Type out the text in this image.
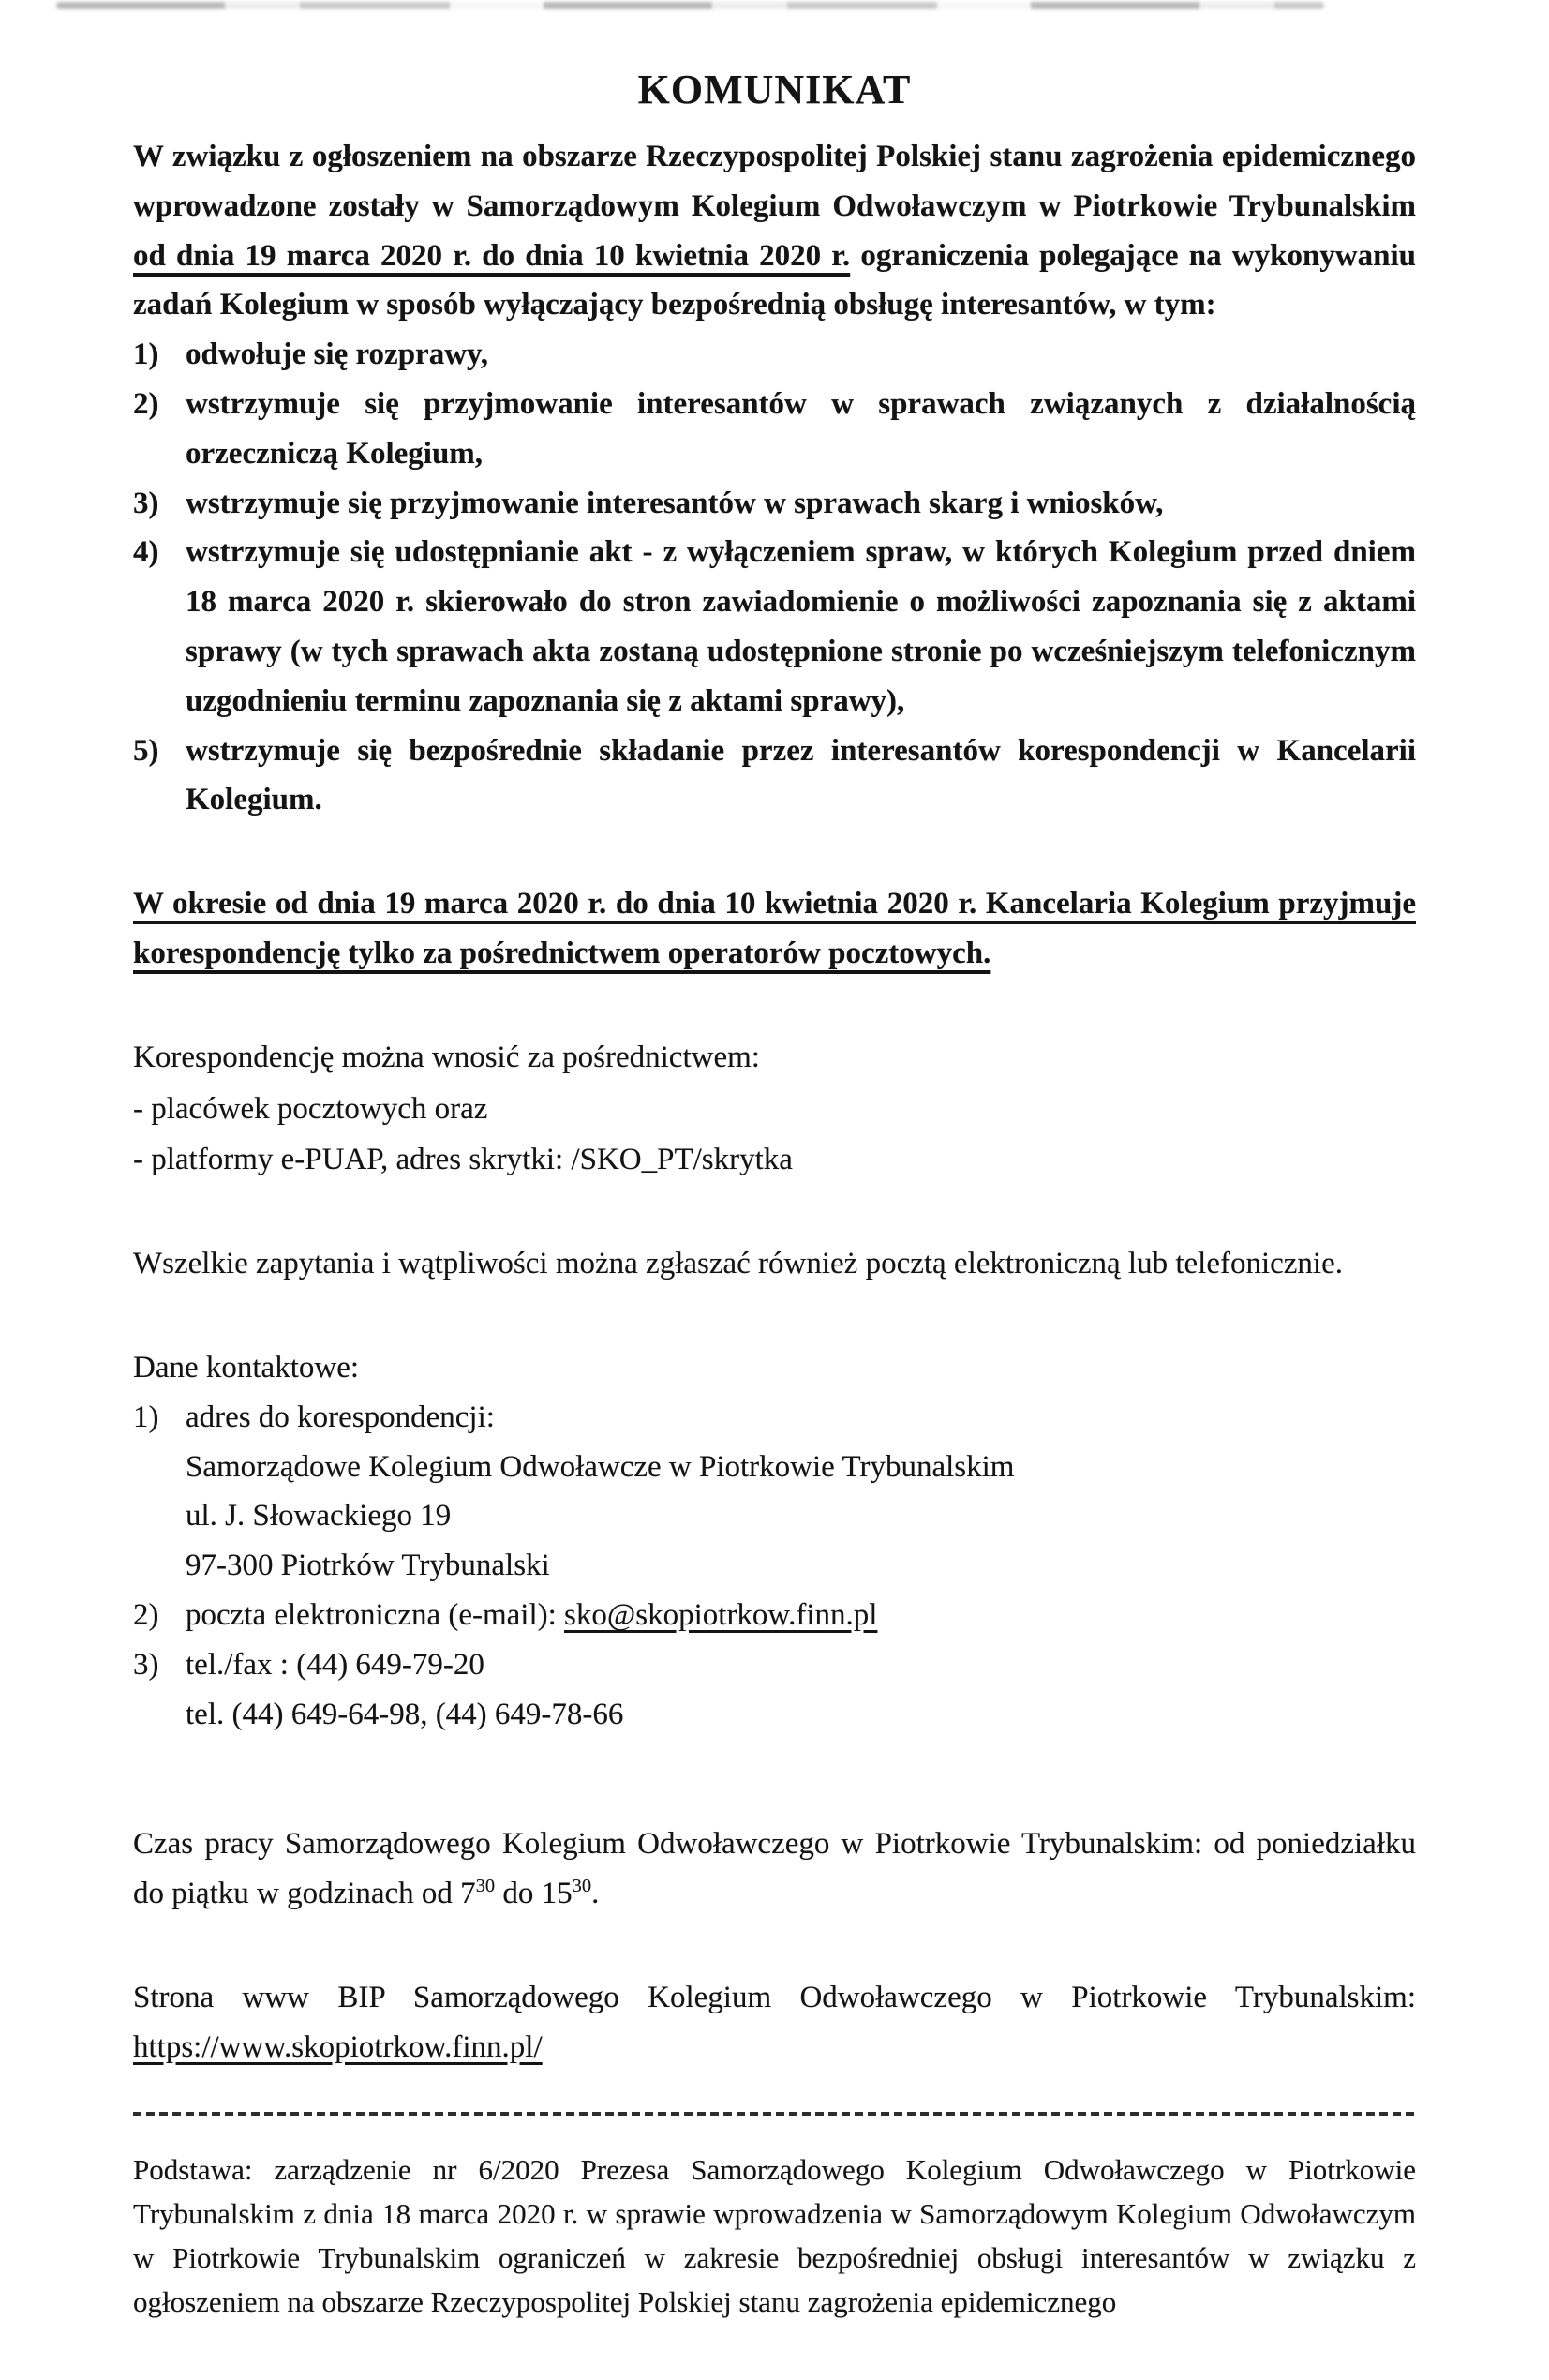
KOMUNIKAT

W związku z ogłoszeniem na obszarze Rzeczypospolitej Polskiej stanu zagrożenia epidemicznego wprowadzone zostały w Samorządowym Kolegium Odwoławczym w Piotrkowie Trybunalskim od dnia 19 marca 2020 r. do dnia 10 kwietnia 2020 r. ograniczenia polegające na wykonywaniu zadań Kolegium w sposób wyłączający bezpośrednią obsługę interesantów, w tym:

odwołuje się rozprawy,
wstrzymuje się przyjmowanie interesantów w sprawach związanych z działalnością orzeczniczą Kolegium,
wstrzymuje się przyjmowanie interesantów w sprawach skarg i wniosków,
wstrzymuje się udostępnianie akt - z wyłączeniem spraw, w których Kolegium przed dniem 18 marca 2020 r. skierowało do stron zawiadomienie o możliwości zapoznania się z aktami sprawy (w tych sprawach akta zostaną udostępnione stronie po wcześniejszym telefonicznym uzgodnieniu terminu zapoznania się z aktami sprawy),
wstrzymuje się bezpośrednie składanie przez interesantów korespondencji w Kancelarii Kolegium.

W okresie od dnia 19 marca 2020 r. do dnia 10 kwietnia 2020 r. Kancelaria Kolegium przyjmuje korespondencję tylko za pośrednictwem operatorów pocztowych.

Korespondencję można wnosić za pośrednictwem:

- placówek pocztowych oraz

- platformy e-PUAP, adres skrytki: /SKO_PT/skrytka

Wszelkie zapytania i wątpliwości można zgłaszać również pocztą elektroniczną lub telefonicznie.

Dane kontaktowe:

adres do korespondencji:
Samorządowe Kolegium Odwoławcze w Piotrkowie Trybunalskim
ul. J. Słowackiego 19
97-300 Piotrków Trybunalski
poczta elektroniczna (e-mail): sko@skopiotrkow.finn.pl
tel./fax : (44) 649-79-20
tel. (44) 649-64-98, (44) 649-78-66

Czas pracy Samorządowego Kolegium Odwoławczego w Piotrkowie Trybunalskim: od poniedziałku do piątku w godzinach od $7^{30}$ do $15^{30}$.

Strona www BIP Samorządowego Kolegium Odwoławczego w Piotrkowie Trybunalskim: https://www.skopiotrkow.finn.pl/

Podstawa: zarządzenie nr 6/2020 Prezesa Samorządowego Kolegium Odwoławczego w Piotrkowie Trybunalskim z dnia 18 marca 2020 r. w sprawie wprowadzenia w Samorządowym Kolegium Odwoławczym w Piotrkowie Trybunalskim ograniczeń w zakresie bezpośredniej obsługi interesantów w związku z ogłoszeniem na obszarze Rzeczypospolitej Polskiej stanu zagrożenia epidemicznego
